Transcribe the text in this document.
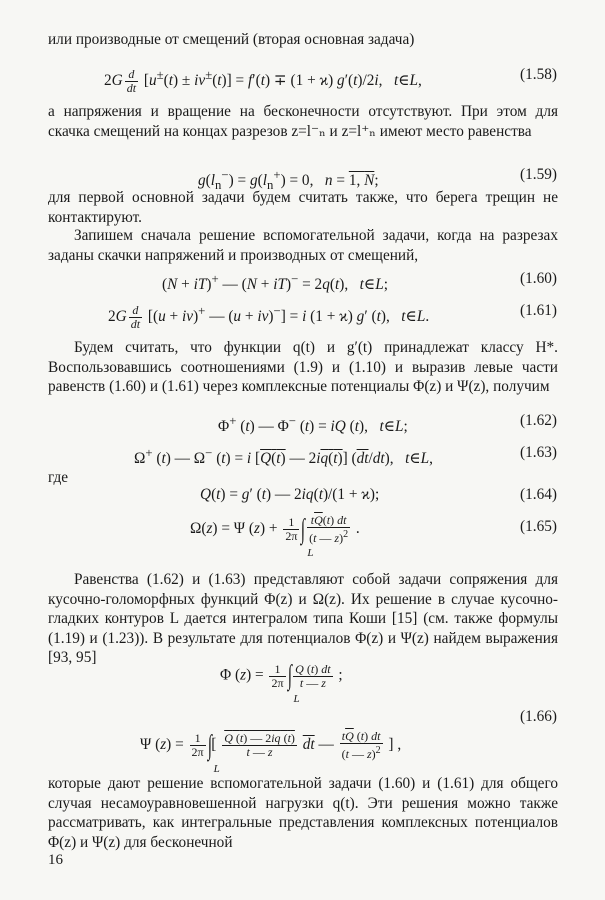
или производные от смещений (вторая основная задача)

$2G \frac{d}{dt} [u^\pm(t) \pm iv^\pm(t)] = f'(t) \mp (1 + ϰ)$ g′(t)/2i,   t∈L,	(1.58)

а напряжения и вращение на бесконечности отсутствуют. При этом для скачка смещений на концах разрезов z=l⁻ₙ и z=l⁺ₙ имеют место равенства

$g(l_n^-) = g(l_n^+) = 0$,   n = 1, N;	(1.59)

для первой основной задачи будем считать также, что берега трещин не контактируют.

Запишем сначала решение вспомогательной задачи, когда на разрезах заданы скачки напряжений и производных от смещений,

(N + iT)+ — (N + iT)− = 2q(t),   t∈L;	(1.60)
$2G \frac{d}{dt} [(u + iv)^+$ — (u + iv)−] = i (1 + ϰ) g′ (t),   t∈L.	(1.61)

Будем считать, что функции q(t) и g′(t) принадлежат классу H*. Воспользовавшись соотношениями (1.9) и (1.10) и выразив левые части равенств (1.60) и (1.61) через комплексные потенциалы Φ(z) и Ψ(z), получим

Φ+ (t) — Φ− (t) = iQ (t),   t∈L;	(1.62)
Ω+ (t) — Ω− (t) = i [Q(t) — 2iq(t)] $(\overline{dt}/dt)$,   t∈L,	(1.63)

где

Q(t) = g′ (t) — 2iq(t)/(1 + ϰ);	(1.64)
Ω(z) = Ψ $(z) + \frac{1}{2\pi}$ ∫
L
$\frac{t\overline{Q}(t) dt}{(t — z)^2}$ .	(1.65)

Равенства (1.62) и (1.63) представляют собой задачи сопряжения для кусочно-голоморфных функций Φ(z) и Ω(z). Их решение в случае кусочно-гладких контуров L дается интегралом типа Коши [15] (см. также формулы (1.19) и (1.23)). В результате для потенциалов Φ(z) и Ψ(z) найдем выражения [93, 95]

Φ $(z) = \frac{1}{2\pi}$ ∫
L
$\frac{Q (t) dt}{t — z}$ ;
(1.66)
Ψ $(z) = \frac{1}{2\pi}$ ∫
L
[ $\frac{Q (t) — 2iq (t)}{t — z} \overline{dt}$ — $\frac{t\overline{Q} (t) dt}{(t — z)^2}$ ] ,

которые дают решение вспомогательной задачи (1.60) и (1.61) для общего случая несамоуравновешенной нагрузки q(t). Эти решения можно также рассматривать, как интегральные представления комплексных потенциалов Φ(z) и Ψ(z) для бесконечной

16
